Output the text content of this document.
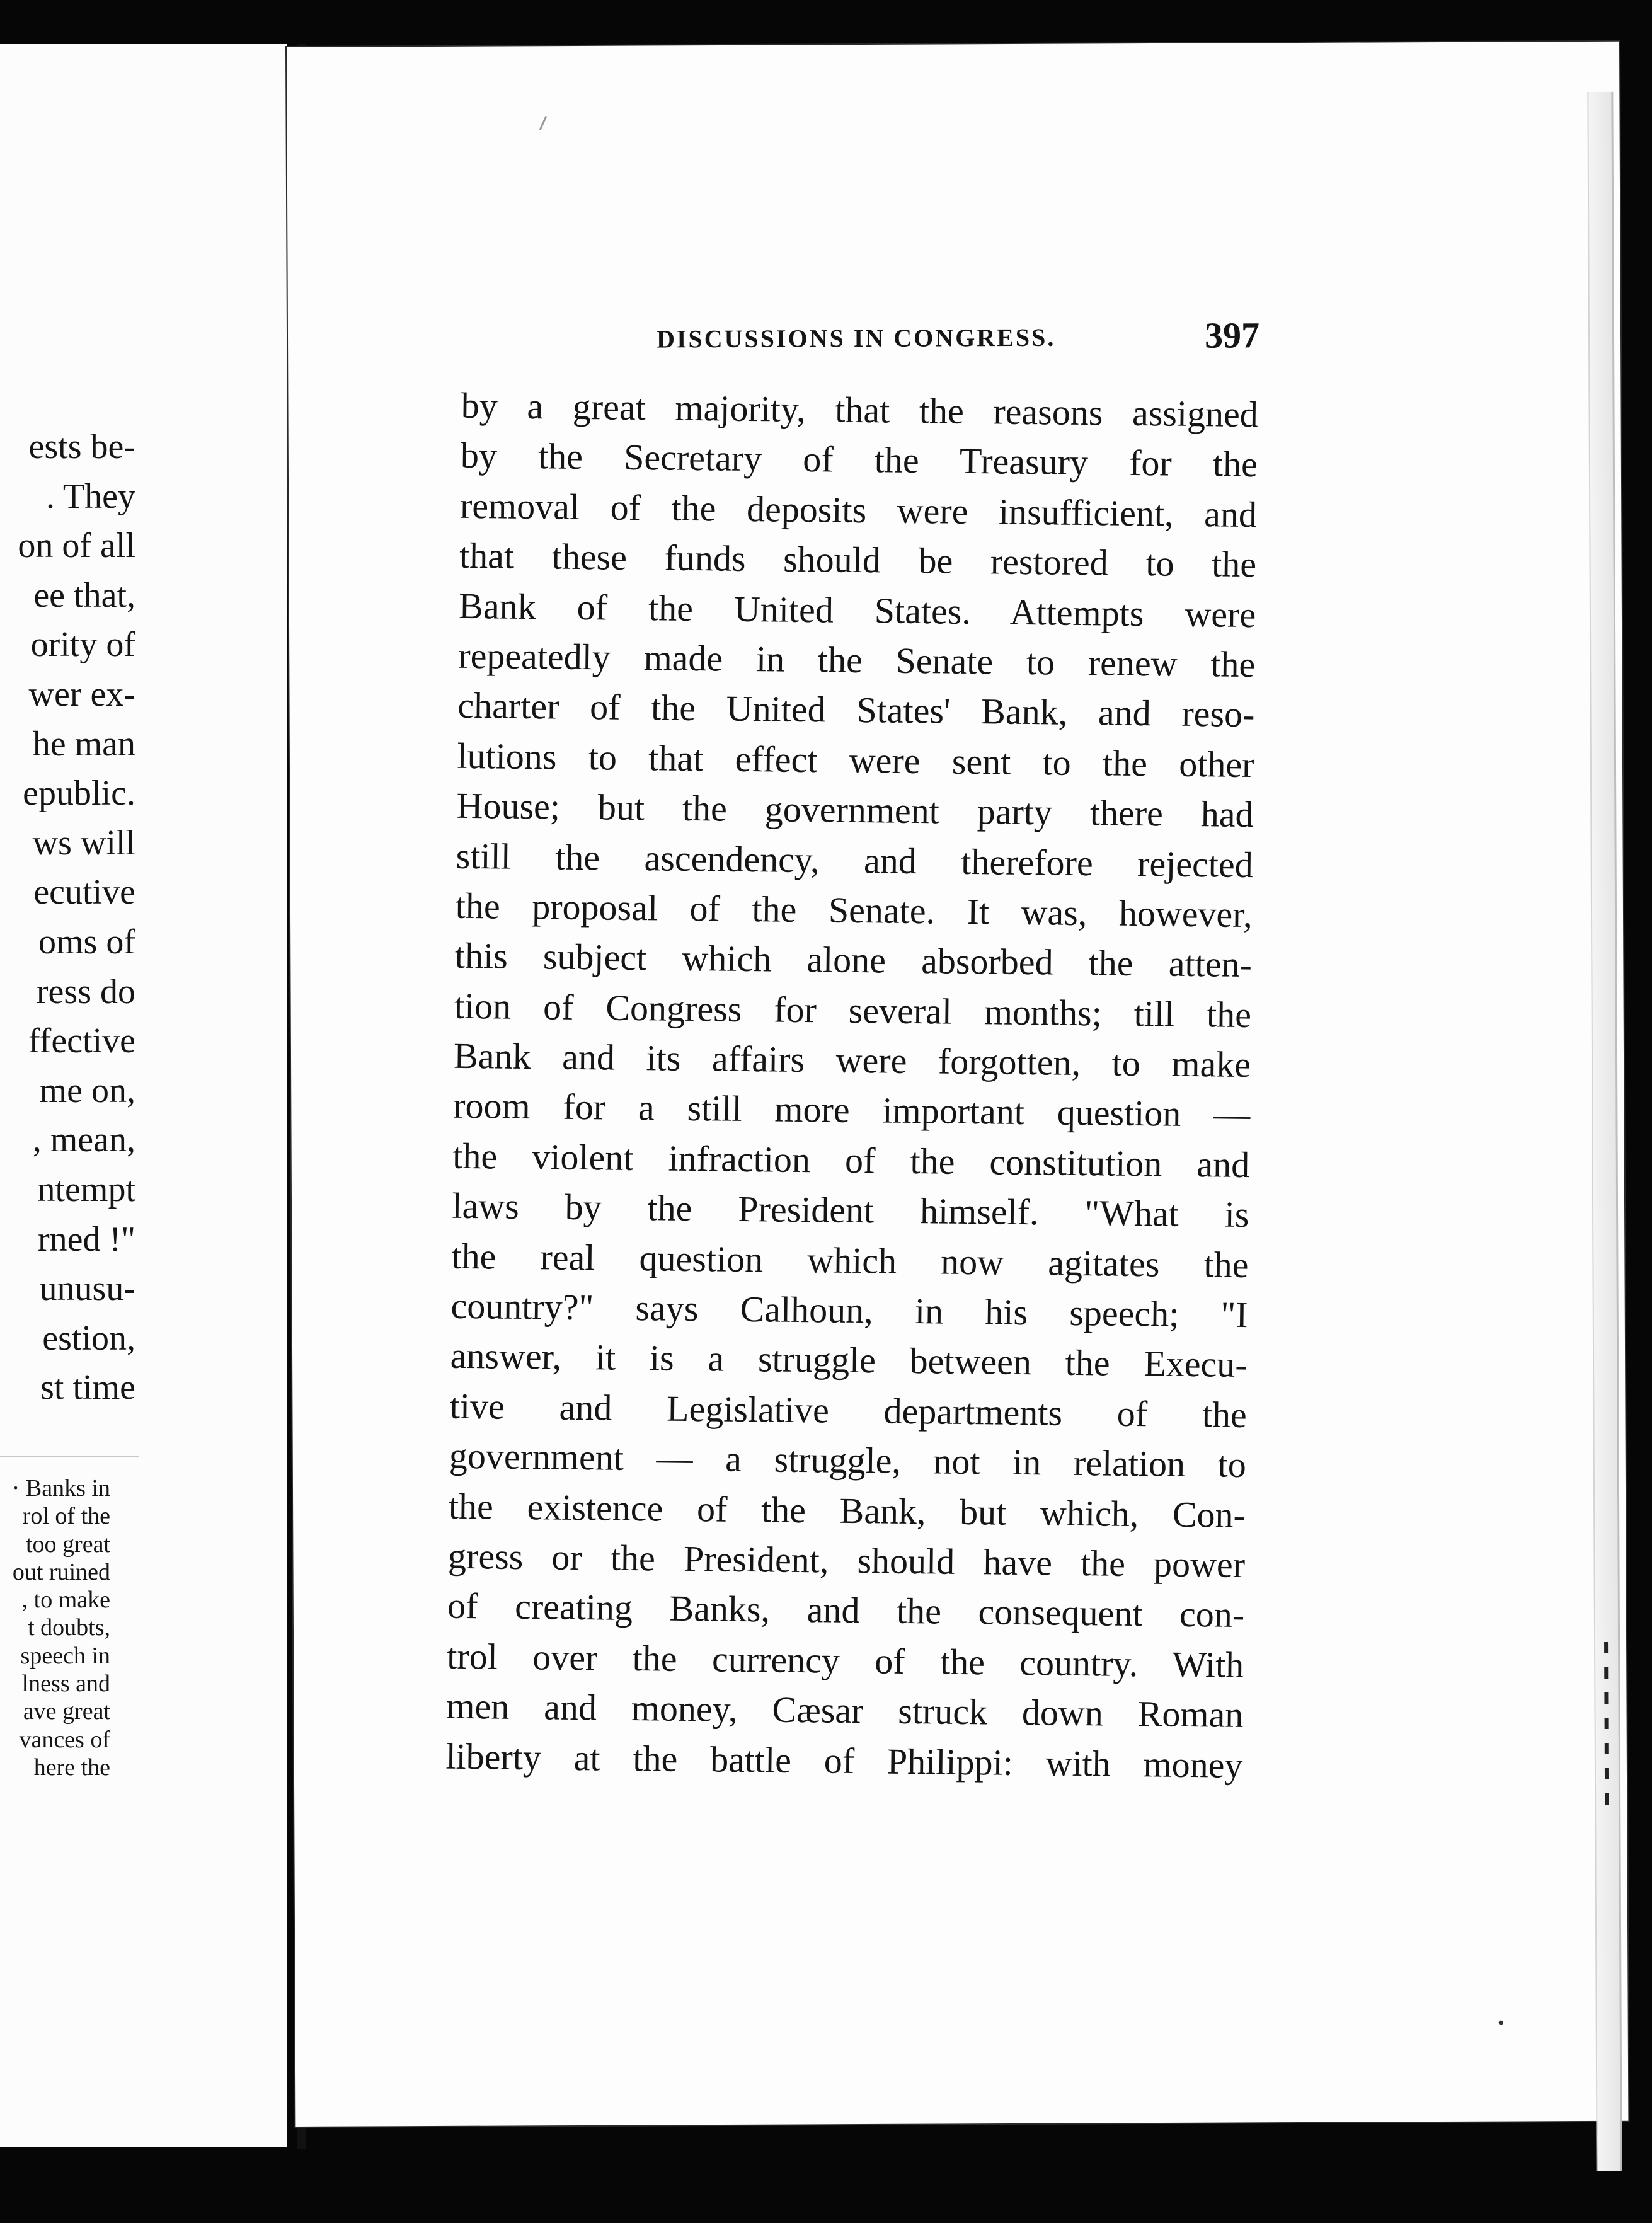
ests be-
. They
on of all
ee that,
ority of
wer ex-
he man
epublic.
ws will
ecutive
oms of
ress do
ffective
me on,
, mean,
ntempt
rned !"
unusu-
estion,
st time
· Banks in
rol of the
too great
out ruined
, to make
t doubts,
speech in
lness and
ave great
vances of
here the
DISCUSSIONS IN CONGRESS.	397
by a great majority, that the reasons assigned
by the Secretary of the Treasury for the
removal of the deposits were insufficient, and
that these funds should be restored to the
Bank of the United States. Attempts were
repeatedly made in the Senate to renew the
charter of the United States' Bank, and reso-
lutions to that effect were sent to the other
House; but the government party there had
still the ascendency, and therefore rejected
the proposal of the Senate. It was, however,
this subject which alone absorbed the atten-
tion of Congress for several months; till the
Bank and its affairs were forgotten, to make
room for a still more important question —
the violent infraction of the constitution and
laws by the President himself. "What is
the real question which now agitates the
country?" says Calhoun, in his speech; "I
answer, it is a struggle between the Execu-
tive and Legislative departments of the
government — a struggle, not in relation to
the existence of the Bank, but which, Con-
gress or the President, should have the power
of creating Banks, and the consequent con-
trol over the currency of the country. With
men and money, Cæsar struck down Roman
liberty at the battle of Philippi: with money
